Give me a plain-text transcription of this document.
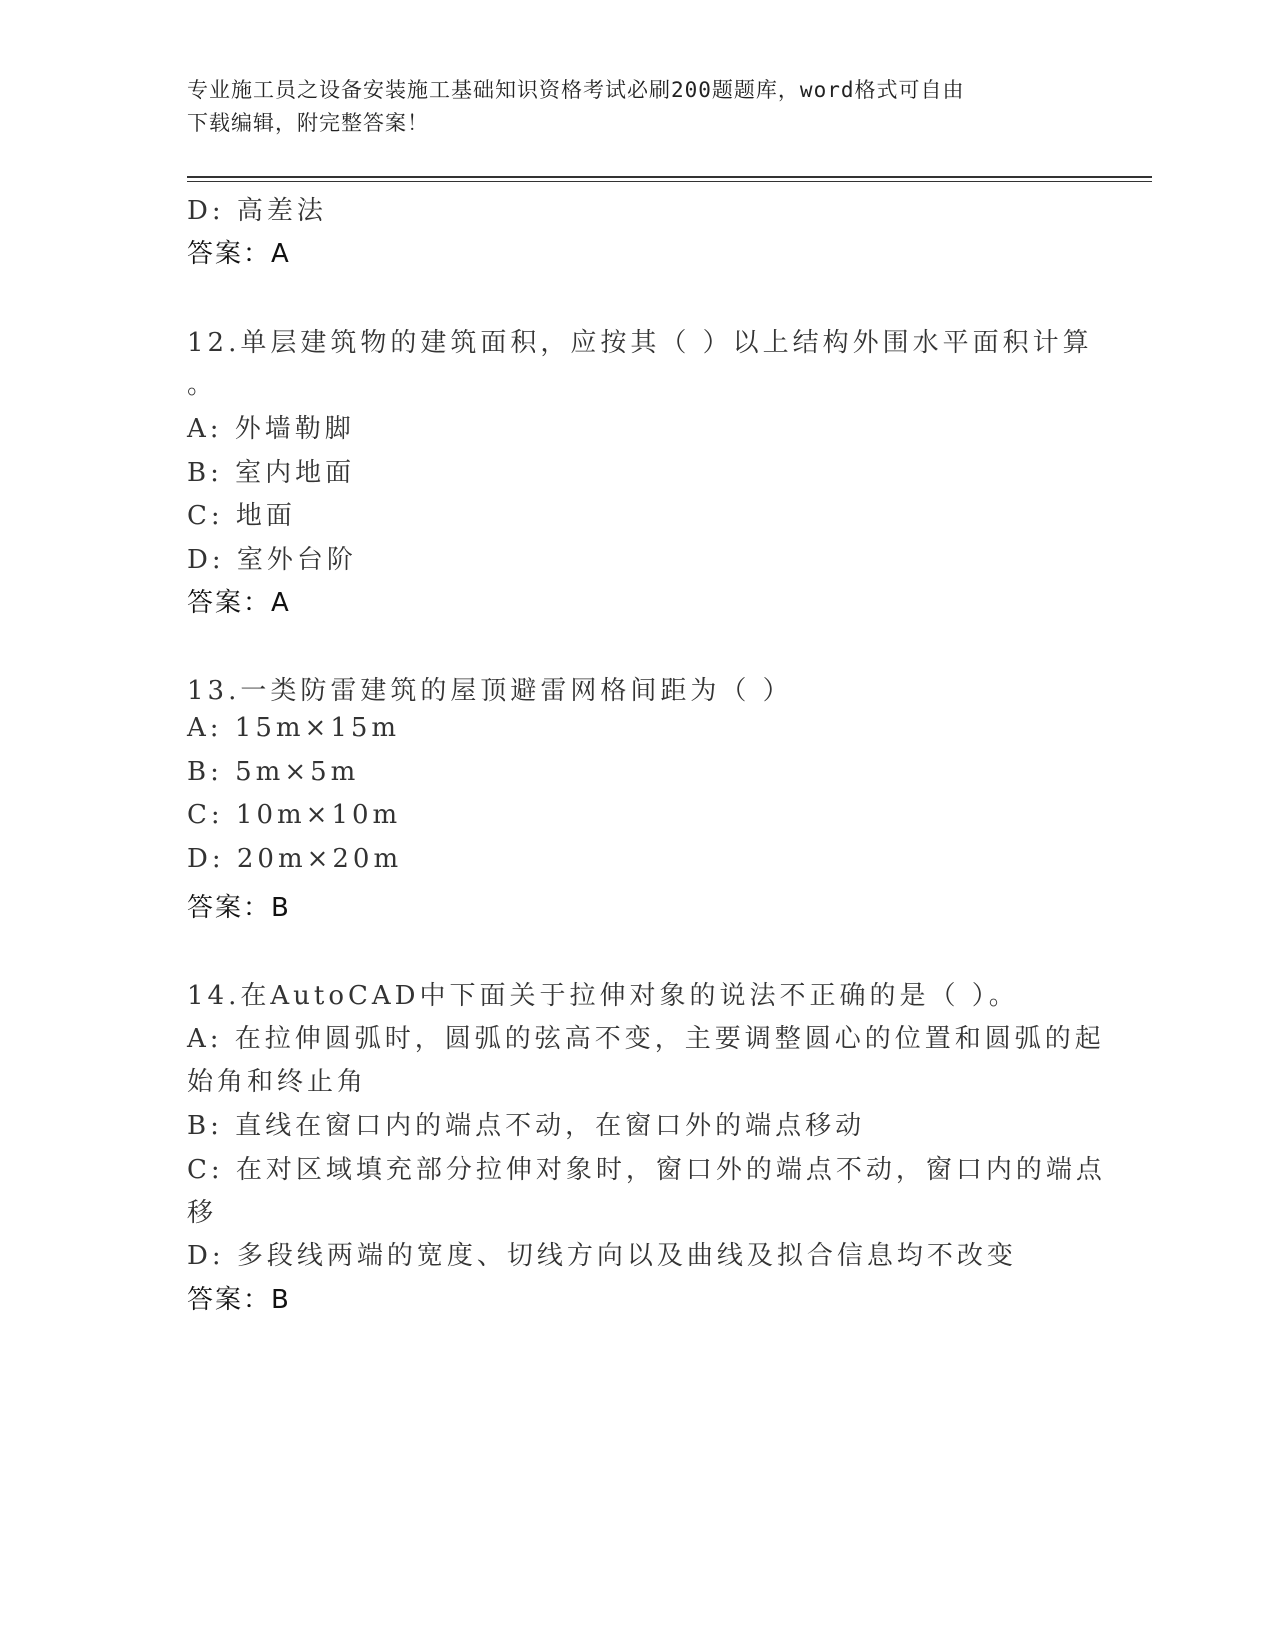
专业施工员之设备安装施工基础知识资格考试必刷200题题库，word格式可自由
下载编辑，附完整答案！
D: 高差法
答案：A
12.单层建筑物的建筑面积，应按其（ ）以上结构外围水平面积计算
。
A: 外墙勒脚
B: 室内地面
C: 地面
D: 室外台阶
答案：A
13.一类防雷建筑的屋顶避雷网格间距为（ ）
A: 15m×15m
B: 5m×5m
C: 10m×10m
D: 20m×20m
答案：B
14.在AutoCAD中下面关于拉伸对象的说法不正确的是（ ）。
A: 在拉伸圆弧时，圆弧的弦高不变，主要调整圆心的位置和圆弧的起
始角和终止角
B: 直线在窗口内的端点不动，在窗口外的端点移动
C: 在对区域填充部分拉伸对象时，窗口外的端点不动，窗口内的端点
移
D: 多段线两端的宽度、切线方向以及曲线及拟合信息均不改变
答案：B
